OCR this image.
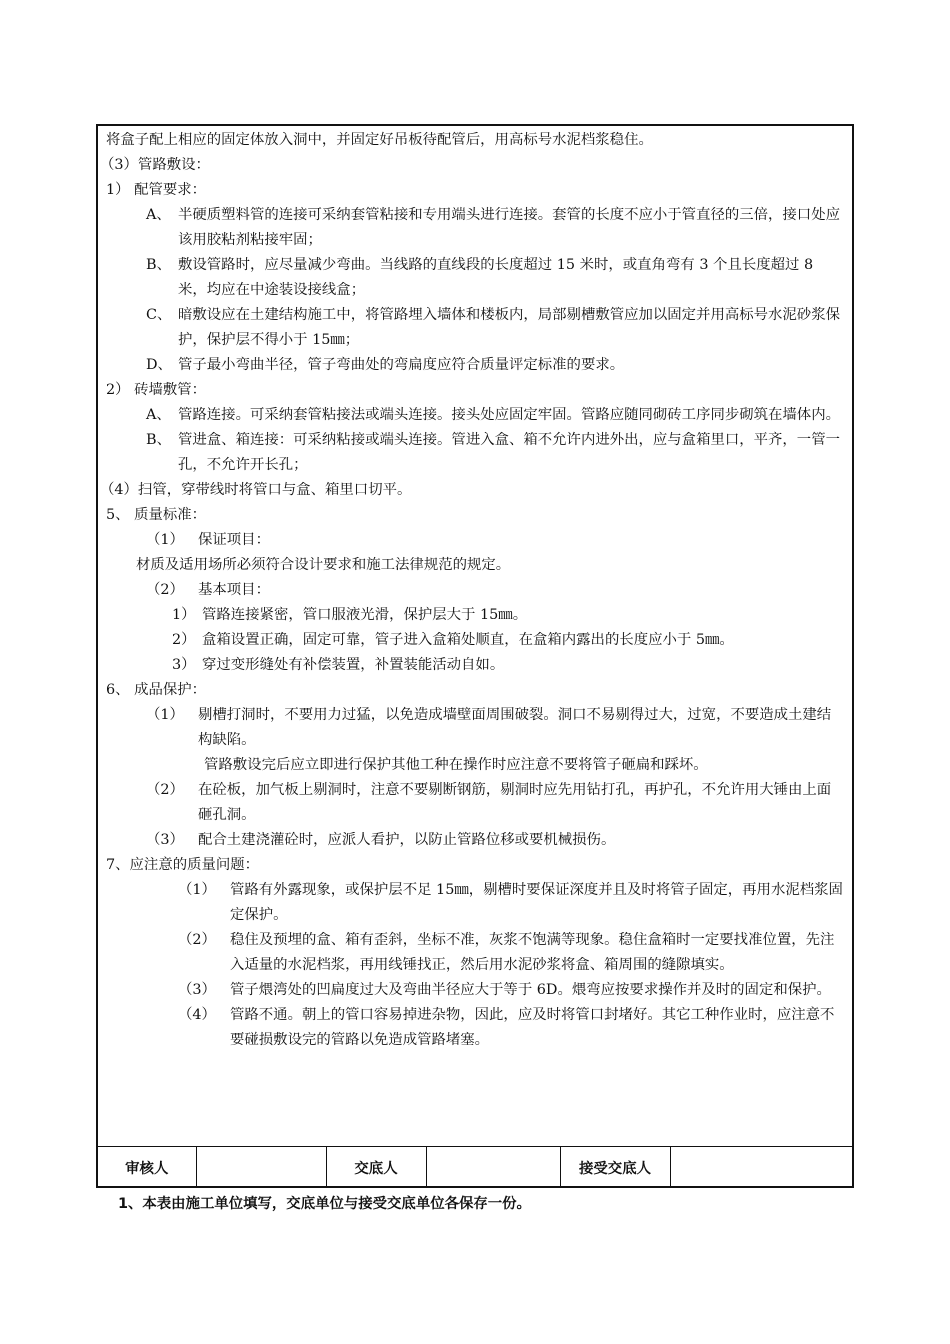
将盒子配上相应的固定体放入洞中，并固定好吊板待配管后，用高标号水泥档浆稳住。
（3）管路敷设：
1） 配管要求：
A、 半硬质塑料管的连接可采纳套管粘接和专用端头进行连接。套管的长度不应小于管直径的三倍，接口处应该用胶粘剂粘接牢固；
B、 敷设管路时，应尽量减少弯曲。当线路的直线段的长度超过 15 米时，或直角弯有 3 个且长度超过 8 米，均应在中途装设接线盒；
C、 暗敷设应在土建结构施工中，将管路埋入墙体和楼板内，局部剔槽敷管应加以固定并用高标号水泥砂浆保护，保护层不得小于 15㎜；
D、 管子最小弯曲半径，管子弯曲处的弯扁度应符合质量评定标准的要求。
2） 砖墙敷管：
A、 管路连接。可采纳套管粘接法或端头连接。接头处应固定牢固。管路应随同砌砖工序同步砌筑在墙体内。
B、 管进盒、箱连接：可采纳粘接或端头连接。管进入盒、箱不允许内进外出，应与盒箱里口，平齐，一管一孔，不允许开长孔；
（4）扫管，穿带线时将管口与盒、箱里口切平。
5、 质量标准：
（1） 保证项目：
材质及适用场所必须符合设计要求和施工法律规范的规定。
（2） 基本项目：
1） 管路连接紧密，管口服液光滑，保护层大于 15㎜。
2） 盒箱设置正确，固定可靠，管子进入盒箱处顺直，在盒箱内露出的长度应小于 5㎜。
3） 穿过变形缝处有补偿装置，补置装能活动自如。
6、 成品保护：
（1） 剔槽打洞时，不要用力过猛，以免造成墙壁面周围破裂。洞口不易剔得过大，过宽，不要造成土建结构缺陷。
管路敷设完后应立即进行保护其他工种在操作时应注意不要将管子砸扁和踩坏。
（2） 在砼板，加气板上剔洞时，注意不要剔断钢筋，剔洞时应先用钻打孔，再护孔，不允许用大锤由上面砸孔洞。
（3） 配合土建浇灌砼时，应派人看护，以防止管路位移或要机械损伤。
7、应注意的质量问题：
（1） 管路有外露现象，或保护层不足 15㎜，剔槽时要保证深度并且及时将管子固定，再用水泥档浆固定保护。
（2） 稳住及预埋的盒、箱有歪斜，坐标不准，灰浆不饱满等现象。稳住盒箱时一定要找准位置，先注入适量的水泥档浆，再用线锤找正，然后用水泥砂浆将盒、箱周围的缝隙填实。
（3） 管子煨湾处的凹扁度过大及弯曲半径应大于等于 6D。煨弯应按要求操作并及时的固定和保护。
（4） 管路不通。朝上的管口容易掉进杂物，因此，应及时将管口封堵好。其它工种作业时，应注意不要碰损敷设完的管路以免造成管路堵塞。
审核人		交底人		接受交底人	
1、本表由施工单位填写，交底单位与接受交底单位各保存一份。
